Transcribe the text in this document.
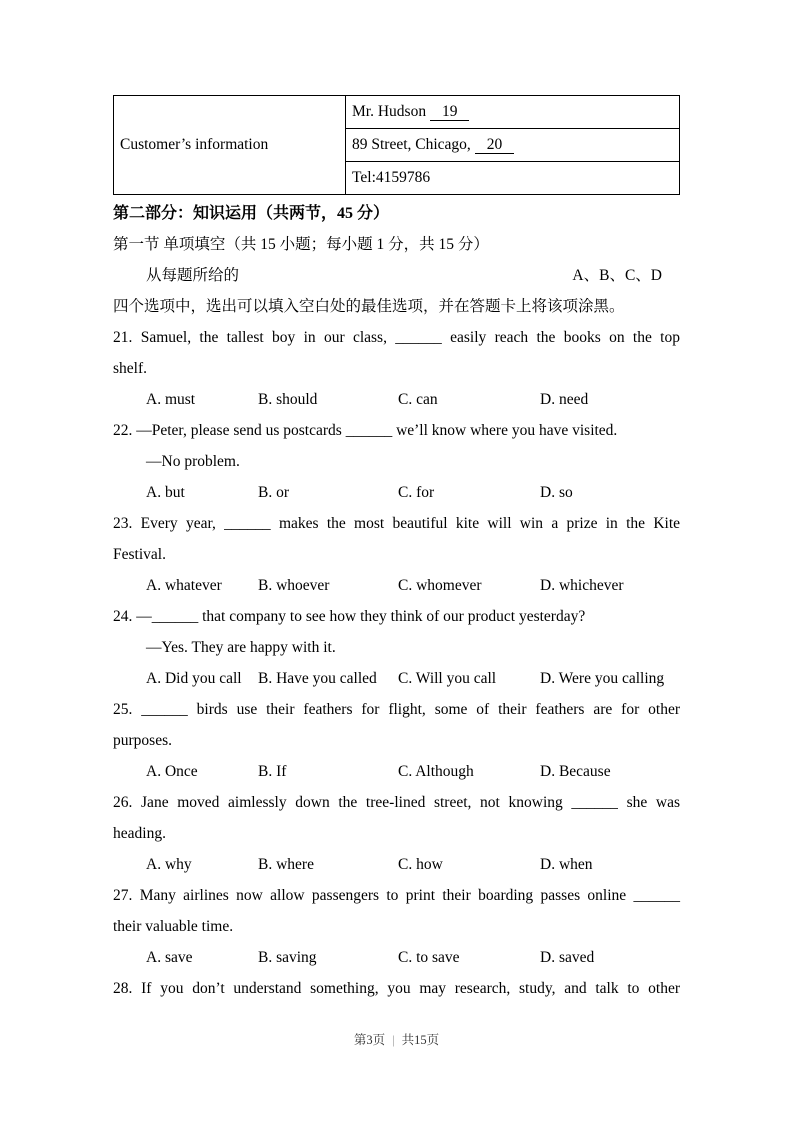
Customer’s information	Mr. Hudson 19
89 Street, Chicago, 20
Tel:4159786
第二部分：知识运用（共两节，45 分）
第一节 单项填空（共 15 小题；每小题 1 分，共 15 分）
从每题所给的	A、B、C、D
四个选项中，选出可以填入空白处的最佳选项，并在答题卡上将该项涂黑。
21. Samuel, the tallest boy in our class, ______ easily reach the books on the top
shelf.
A. must	B. should	C. can	D. need
22. —Peter, please send us postcards ______ we’ll know where you have visited.
—No problem.
A. but	B. or	C. for	D. so
23. Every year, ______ makes the most beautiful kite will win a prize in the Kite
Festival.
A. whatever B. whoever	C. whomever	D. whichever
24. —______ that company to see how they think of our product yesterday?
—Yes. They are happy with it.
A. Did you call B. Have you called C. Will you call	D. Were you calling
25. ______ birds use their feathers for flight, some of their feathers are for other
purposes.
A. Once	B. If	C. Although	D. Because
26. Jane moved aimlessly down the tree-lined street, not knowing ______ she was
heading.
A. why	B. where	C. how	D. when
27. Many airlines now allow passengers to print their boarding passes online ______
their valuable time.
A. save	B. saving	C. to save	D. saved
28. If you don’t understand something, you may research, study, and talk to other
第3页 | 共15页
